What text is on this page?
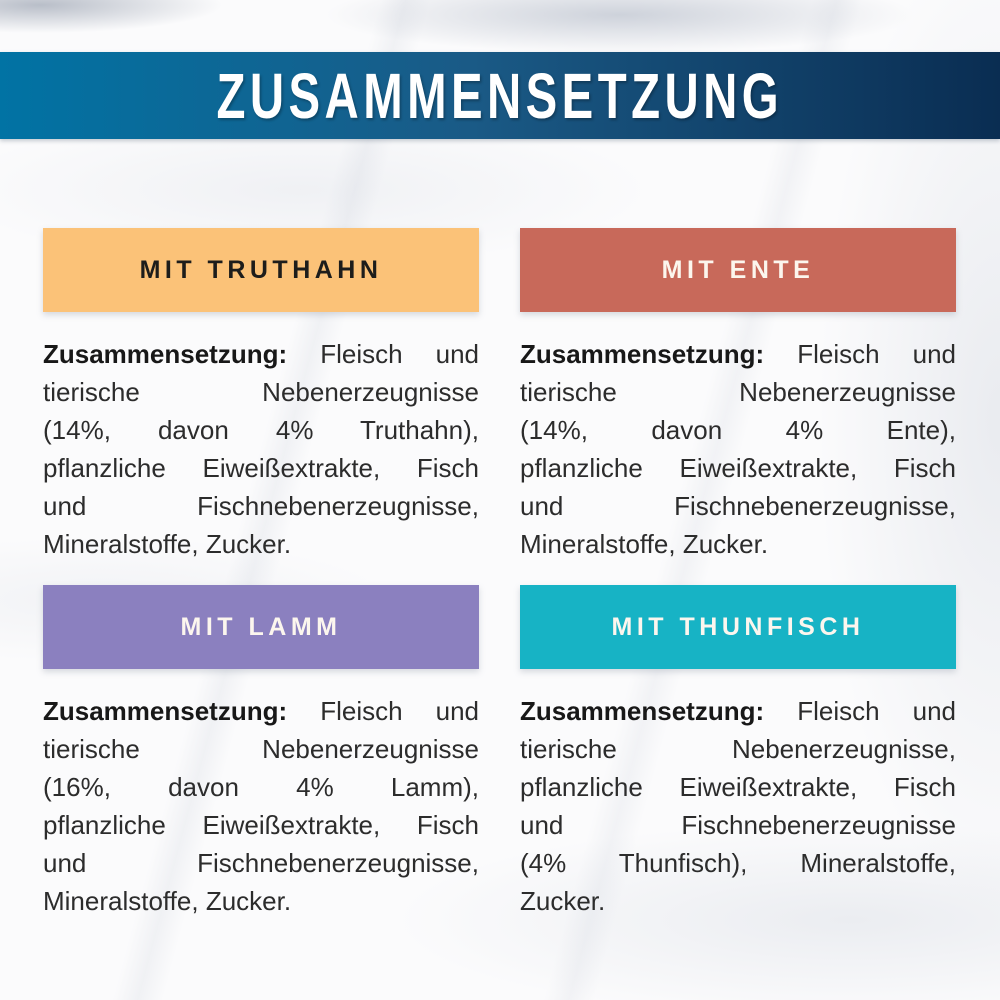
ZUSAMMENSETZUNG
MIT TRUTHAHN
Zusammensetzung: Fleisch und
tierische Nebenerzeugnisse
(14%, davon 4% Truthahn),
pflanzliche Eiweißextrakte, Fisch
und Fischnebenerzeugnisse,
Mineralstoffe, Zucker.
MIT ENTE
Zusammensetzung: Fleisch und
tierische Nebenerzeugnisse
(14%, davon 4% Ente),
pflanzliche Eiweißextrakte, Fisch
und Fischnebenerzeugnisse,
Mineralstoffe, Zucker.
MIT LAMM
Zusammensetzung: Fleisch und
tierische Nebenerzeugnisse
(16%, davon 4% Lamm),
pflanzliche Eiweißextrakte, Fisch
und Fischnebenerzeugnisse,
Mineralstoffe, Zucker.
MIT THUNFISCH
Zusammensetzung: Fleisch und
tierische Nebenerzeugnisse,
pflanzliche Eiweißextrakte, Fisch
und Fischnebenerzeugnisse
(4% Thunfisch), Mineralstoffe,
Zucker.
